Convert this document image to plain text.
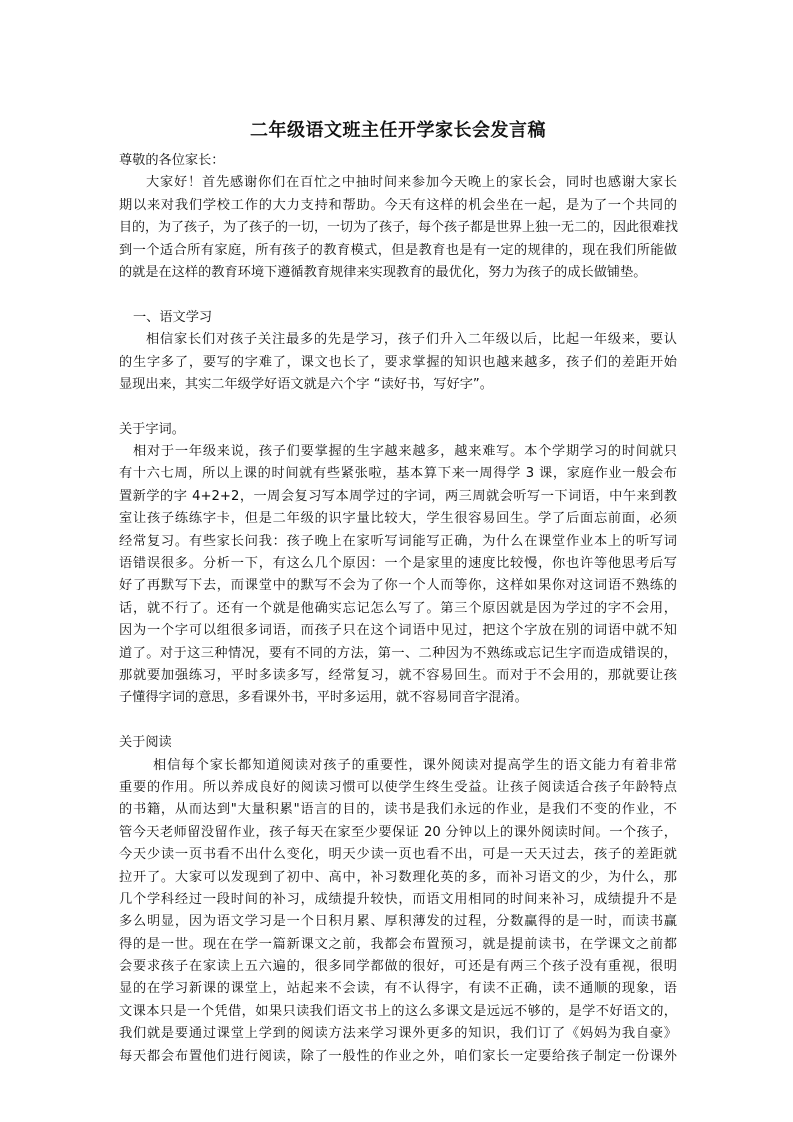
二年级语文班主任开学家长会发言稿
尊敬的各位家长：
大家好！首先感谢你们在百忙之中抽时间来参加今天晚上的家长会，同时也感谢大家长
期以来对我们学校工作的大力支持和帮助。今天有这样的机会坐在一起，是为了一个共同的
目的，为了孩子，为了孩子的一切，一切为了孩子，每个孩子都是世界上独一无二的，因此很难找
到一个适合所有家庭，所有孩子的教育模式，但是教育也是有一定的规律的，现在我们所能做
的就是在这样的教育环境下遵循教育规律来实现教育的最优化，努力为孩子的成长做铺垫。
一、语文学习
相信家长们对孩子关注最多的先是学习，孩子们升入二年级以后，比起一年级来，要认
的生字多了，要写的字难了，课文也长了，要求掌握的知识也越来越多，孩子们的差距开始
显现出来，其实二年级学好语文就是六个字 “读好书，写好字”。
关于字词。
相对于一年级来说，孩子们要掌握的生字越来越多，越来难写。本个学期学习的时间就只
有十六七周，所以上课的时间就有些紧张啦，基本算下来一周得学 3 课，家庭作业一般会布
置新学的字 4+2+2，一周会复习写本周学过的字词，两三周就会听写一下词语，中午来到教
室让孩子练练字卡，但是二年级的识字量比较大，学生很容易回生。学了后面忘前面，必须
经常复习。有些家长问我：孩子晚上在家听写词能写正确，为什么在课堂作业本上的听写词
语错误很多。分析一下，有这么几个原因：一个是家里的速度比较慢，你也许等他思考后写
好了再默写下去，而课堂中的默写不会为了你一个人而等你，这样如果你对这词语不熟练的
话，就不行了。还有一个就是他确实忘记怎么写了。第三个原因就是因为学过的字不会用，
因为一个字可以组很多词语，而孩子只在这个词语中见过，把这个字放在别的词语中就不知
道了。对于这三种情况，要有不同的方法，第一、二种因为不熟练或忘记生字而造成错误的，
那就要加强练习，平时多读多写，经常复习，就不容易回生。而对于不会用的，那就要让孩
子懂得字词的意思，多看课外书，平时多运用，就不容易同音字混淆。
关于阅读
相信每个家长都知道阅读对孩子的重要性，课外阅读对提高学生的语文能力有着非常
重要的作用。所以养成良好的阅读习惯可以使学生终生受益。让孩子阅读适合孩子年龄特点
的书籍，从而达到"大量积累"语言的目的，读书是我们永远的作业，是我们不变的作业，不
管今天老师留没留作业，孩子每天在家至少要保证 20 分钟以上的课外阅读时间。一个孩子，
今天少读一页书看不出什么变化，明天少读一页也看不出，可是一天天过去，孩子的差距就
拉开了。大家可以发现到了初中、高中，补习数理化英的多，而补习语文的少，为什么，那
几个学科经过一段时间的补习，成绩提升较快，而语文用相同的时间来补习，成绩提升不是
多么明显，因为语文学习是一个日积月累、厚积薄发的过程，分数赢得的是一时，而读书赢
得的是一世。现在在学一篇新课文之前，我都会布置预习，就是提前读书，在学课文之前都
会要求孩子在家读上五六遍的，很多同学都做的很好，可还是有两三个孩子没有重视，很明
显的在学习新课的课堂上，站起来不会读，有不认得字，有读不正确，读不通顺的现象，语
文课本只是一个凭借，如果只读我们语文书上的这么多课文是远远不够的，是学不好语文的，
我们就是要通过课堂上学到的阅读方法来学习课外更多的知识，我们订了《妈妈为我自豪》
每天都会布置他们进行阅读，除了一般性的作业之外，咱们家长一定要给孩子制定一份课外
